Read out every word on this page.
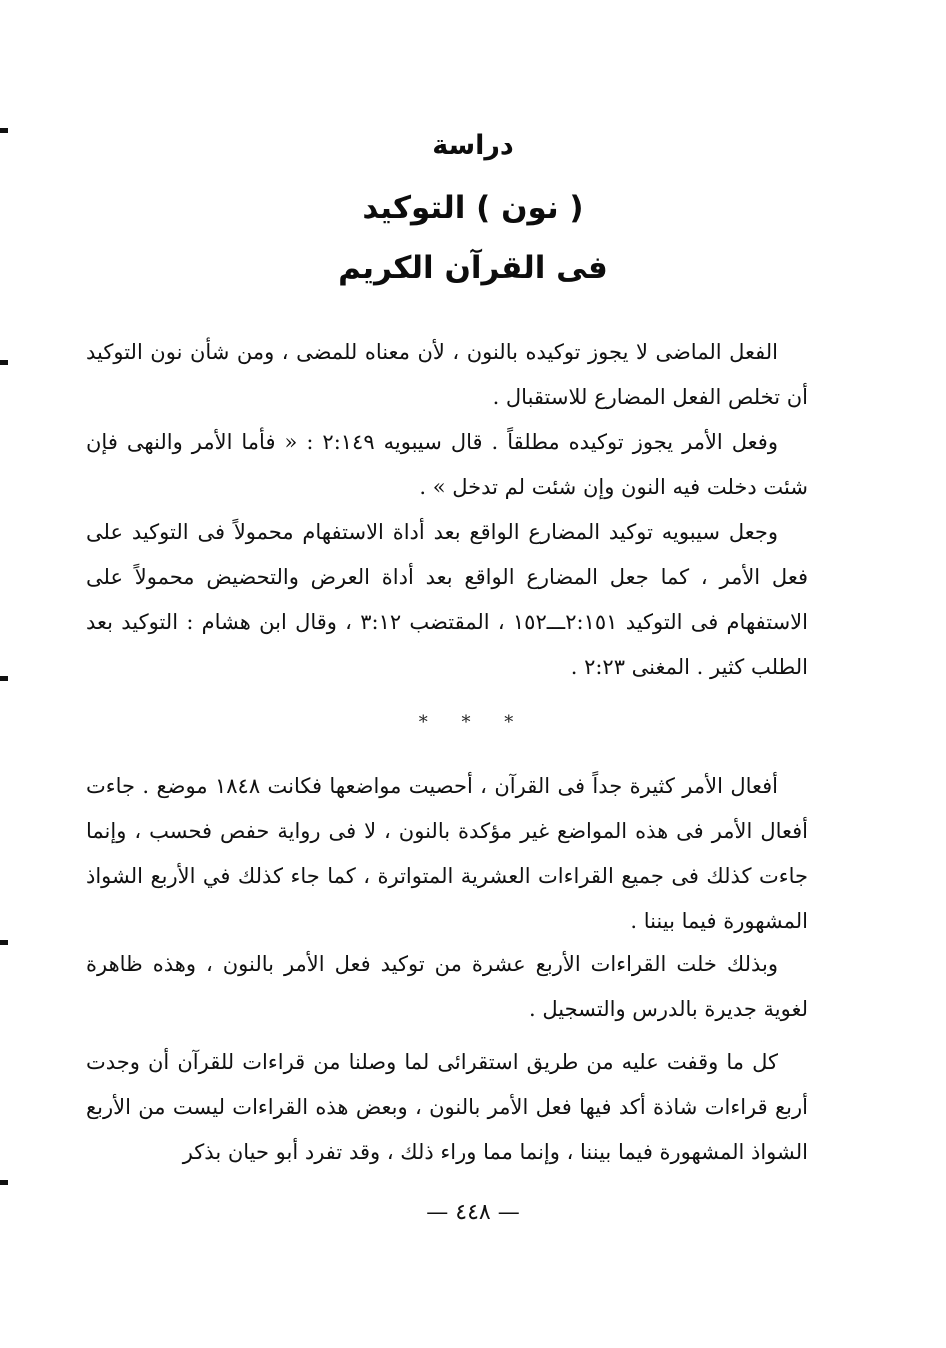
دراسة
( نون ) التوكيد
فى القرآن الكريم
الفعل الماضى لا يجوز توكيده بالنون ، لأن معناه للمضى ، ومن شأن نون التوكيد أن تخلص الفعل المضارع للاستقبال .
وفعل الأمر يجوز توكيده مطلقاً . قال سيبويه ٢:١٤٩ : « فأما الأمر والنهى فإن شئت دخلت فيه النون وإن شئت لم تدخل » .
وجعل سيبويه توكيد المضارع الواقع بعد أداة الاستفهام محمولاً فى التوكيد على فعل الأمر ، كما جعل المضارع الواقع بعد أداة العرض والتحضيض محمولاً على الاستفهام فى التوكيد ٢:١٥١ـــ١٥٢ ، المقتضب ٣:١٢ ، وقال ابن هشام : التوكيد بعد الطلب كثير . المغنى ٢:٢٣ .
* * *
أفعال الأمر كثيرة جداً فى القرآن ، أحصيت مواضعها فكانت ١٨٤٨ موضع . جاءت أفعال الأمر فى هذه المواضع غير مؤكدة بالنون ، لا فى رواية حفص فحسب ، وإنما جاءت كذلك فى جميع القراءات العشرية المتواترة ، كما جاء كذلك في الأربع الشواذ المشهورة فيما بيننا .
وبذلك خلت القراءات الأربع عشرة من توكيد فعل الأمر بالنون ، وهذه ظاهرة لغوية جديرة بالدرس والتسجيل .
كل ما وقفت عليه من طريق استقرائى لما وصلنا من قراءات للقرآن أن وجدت أربع قراءات شاذة أكد فيها فعل الأمر بالنون ، وبعض هذه القراءات ليست من الأربع الشواذ المشهورة فيما بيننا ، وإنما مما وراء ذلك ، وقد تفرد أبو حيان بذكر
— ٤٤٨ —
